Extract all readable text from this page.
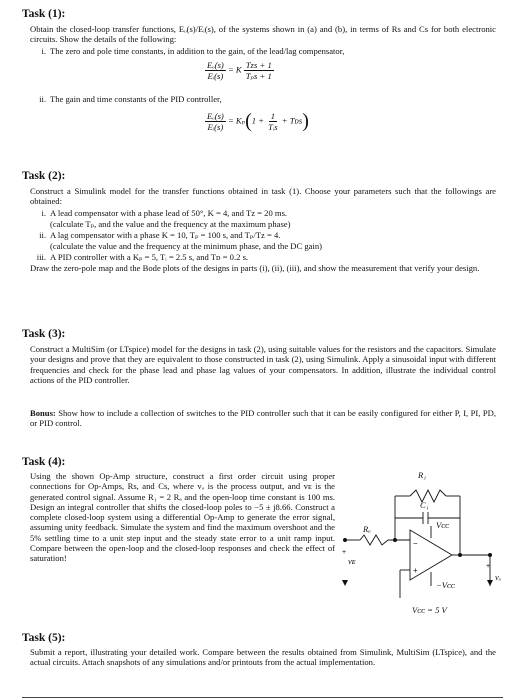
Task (1):
Obtain the closed-loop transfer functions, Eₒ(s)/Eᵢ(s), of the systems shown in (a) and (b), in terms of Rs and Cs for both electronic circuits. Show the details of the following:
i. The zero and pole time constants, in addition to the gain, of the lead/lag compensator,
$\frac{\text{Eₒ(s)}}{\text{Eᵢ(s)}} = K \frac{\text{Tᴢs + 1}}{\text{Tₚs + 1}}$
ii. The gain and time constants of the PID controller,
$\frac{\text{Eₒ(s)}}{\text{Eᵢ(s)}} = K_p(1 + \frac{1}{\text{Tᵢs}}$ + Tᴅs)
Task (2):
Construct a Simulink model for the transfer functions obtained in task (1). Choose your parameters such that the followings are obtained:
i. A lead compensator with a phase lead of 50°, K = 4, and Tᴢ = 20 ms.
(calculate Tₚ, and the value and the frequency at the maximum phase)
ii. A lag compensator with a phase K = 10, Tₚ = 100 s, and Tₚ/Tᴢ = 4.
(calculate the value and the frequency at the minimum phase, and the DC gain)
iii. A PID controller with a Kₚ = 5, Tᵢ = 2.5 s, and Tᴅ = 0.2 s.
Draw the zero-pole map and the Bode plots of the designs in parts (i), (ii), (iii), and show the measurement that verify your design.
Task (3):
Construct a MultiSim (or LTspice) model for the designs in task (2), using suitable values for the resistors and the capacitors. Simulate your designs and prove that they are equivalent to those constructed in task (2), using Simulink. Apply a sinusoidal input with different frequencies and check for the phase lead and phase lag values of your compensators. In addition, illustrate the individual control actions of the PID controller.
Bonus: Show how to include a collection of switches to the PID controller such that it can be easily configured for either P, I, PI, PD, or PID control.
Task (4):
Using the shown Op-Amp structure, construct a first order circuit using proper connections for Op-Amps, Rs, and Cs, where vₒ is the process output, and vᴇ is the generated control signal. Assume R₁ = 2 Rₐ and the open-loop time constant is 100 ms. Design an integral controller that shifts the closed-loop poles to −5 ± j8.66. Construct a complete closed-loop system using a differential Op-Amp to generate the error signal, assuming unity feedback. Simulate the system and find the maximum overshoot and the 5% settling time to a unit step input and the steady state error to a unit ramp input. Compare between the open-loop and the closed-loop responses and check the effect of saturation!
−
+
+
+
R₁
C₁
Rₐ	Vᴄᴄ
−Vᴄᴄ
vᴇ
vₒ
Vᴄᴄ = 5 V
Task (5):
Submit a report, illustrating your detailed work. Compare between the results obtained from Simulink, MultiSim (LTspice), and the actual circuits. Attach snapshots of any simulations and/or printouts from the actual implementation.
